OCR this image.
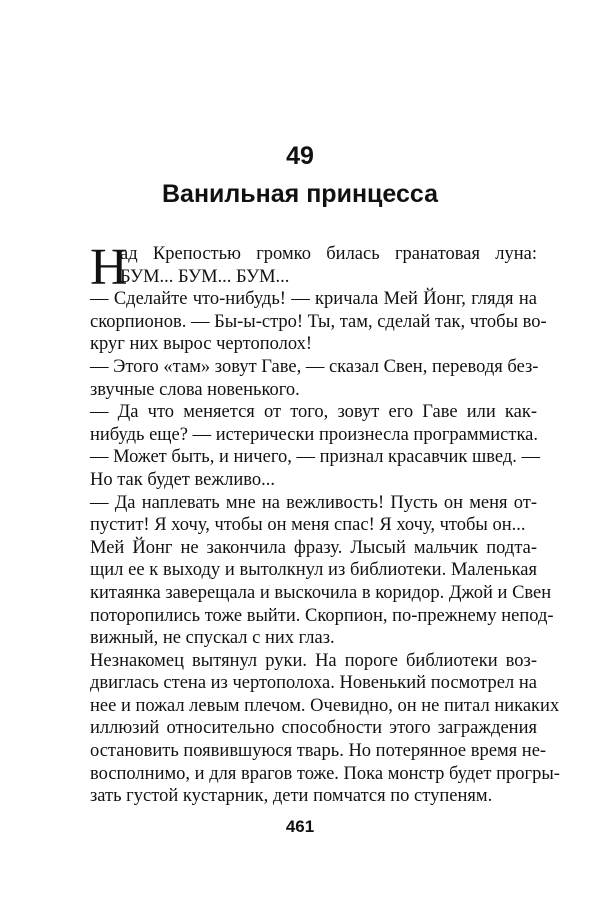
49
Ванильная принцесса
Н
ад Крепостью громко билась гранатовая луна:
БУМ... БУМ... БУМ...
— Сделайте что-нибудь! — кричала Мей Йонг, глядя на
скорпионов. — Бы-ы-стро! Ты, там, сделай так, чтобы во-
круг них вырос чертополох!
— Этого «там» зовут Гаве, — сказал Свен, переводя без-
звучные слова новенького.
— Да что меняется от того, зовут его Гаве или как-
нибудь еще? — истерически произнесла программистка.
— Может быть, и ничего, — признал красавчик швед. —
Но так будет вежливо...
— Да наплевать мне на вежливость! Пусть он меня от-
пустит! Я хочу, чтобы он меня спас! Я хочу, чтобы он...
Мей Йонг не закончила фразу. Лысый мальчик подта-
щил ее к выходу и вытолкнул из библиотеки. Маленькая
китаянка заверещала и выскочила в коридор. Джой и Свен
поторопились тоже выйти. Скорпион, по-прежнему непод-
вижный, не спускал с них глаз.
Незнакомец вытянул руки. На пороге библиотеки воз-
двиглась стена из чертополоха. Новенький посмотрел на
нее и пожал левым плечом. Очевидно, он не питал никаких
иллюзий относительно способности этого заграждения
остановить появившуюся тварь. Но потерянное время не-
восполнимо, и для врагов тоже. Пока монстр будет прогры-
зать густой кустарник, дети помчатся по ступеням.
461
